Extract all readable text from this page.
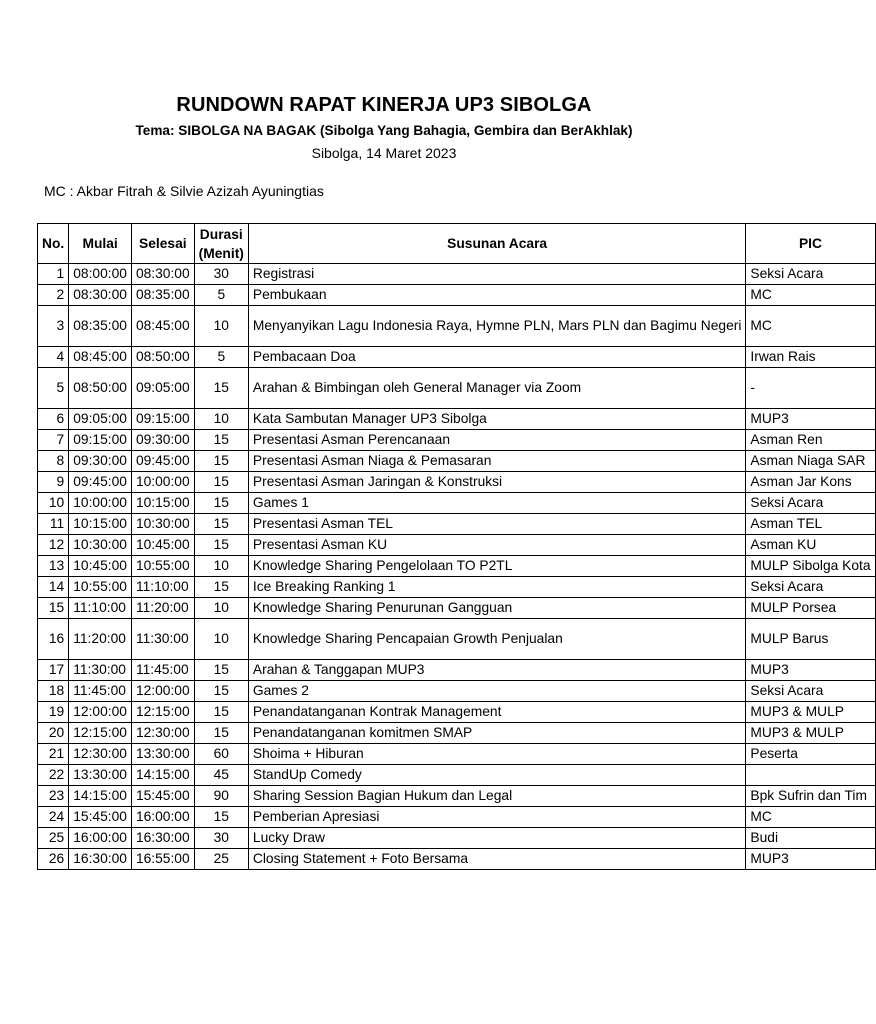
RUNDOWN RAPAT KINERJA UP3 SIBOLGA
Tema: SIBOLGA NA BAGAK (Sibolga Yang Bahagia, Gembira dan BerAkhlak)
Sibolga, 14 Maret 2023
MC : Akbar Fitrah & Silvie Azizah Ayuningtias
No.	Mulai	Selesai	Durasi
(Menit)	Susunan Acara	PIC
1	08:00:00	08:30:00	30	Registrasi	Seksi Acara
2	08:30:00	08:35:00	5	Pembukaan	MC
3	08:35:00	08:45:00	10	Menyanyikan Lagu Indonesia Raya, Hymne PLN, Mars PLN dan Bagimu Negeri	MC
4	08:45:00	08:50:00	5	Pembacaan Doa	Irwan Rais
5	08:50:00	09:05:00	15	Arahan & Bimbingan oleh General Manager via Zoom	-
6	09:05:00	09:15:00	10	Kata Sambutan Manager UP3 Sibolga	MUP3
7	09:15:00	09:30:00	15	Presentasi Asman Perencanaan	Asman Ren
8	09:30:00	09:45:00	15	Presentasi Asman Niaga & Pemasaran	Asman Niaga SAR
9	09:45:00	10:00:00	15	Presentasi Asman Jaringan & Konstruksi	Asman Jar Kons
10	10:00:00	10:15:00	15	Games 1	Seksi Acara
11	10:15:00	10:30:00	15	Presentasi Asman TEL	Asman TEL
12	10:30:00	10:45:00	15	Presentasi Asman KU	Asman KU
13	10:45:00	10:55:00	10	Knowledge Sharing Pengelolaan TO P2TL	MULP Sibolga Kota
14	10:55:00	11:10:00	15	Ice Breaking Ranking 1	Seksi Acara
15	11:10:00	11:20:00	10	Knowledge Sharing Penurunan Gangguan	MULP Porsea
16	11:20:00	11:30:00	10	Knowledge Sharing Pencapaian Growth Penjualan	MULP Barus
17	11:30:00	11:45:00	15	Arahan & Tanggapan MUP3	MUP3
18	11:45:00	12:00:00	15	Games 2	Seksi Acara
19	12:00:00	12:15:00	15	Penandatanganan Kontrak Management	MUP3 & MULP
20	12:15:00	12:30:00	15	Penandatanganan komitmen SMAP	MUP3 & MULP
21	12:30:00	13:30:00	60	Shoima + Hiburan	Peserta
22	13:30:00	14:15:00	45	StandUp Comedy	
23	14:15:00	15:45:00	90	Sharing Session Bagian Hukum dan Legal	Bpk Sufrin dan Tim
24	15:45:00	16:00:00	15	Pemberian Apresiasi	MC
25	16:00:00	16:30:00	30	Lucky Draw	Budi
26	16:30:00	16:55:00	25	Closing Statement + Foto Bersama	MUP3
